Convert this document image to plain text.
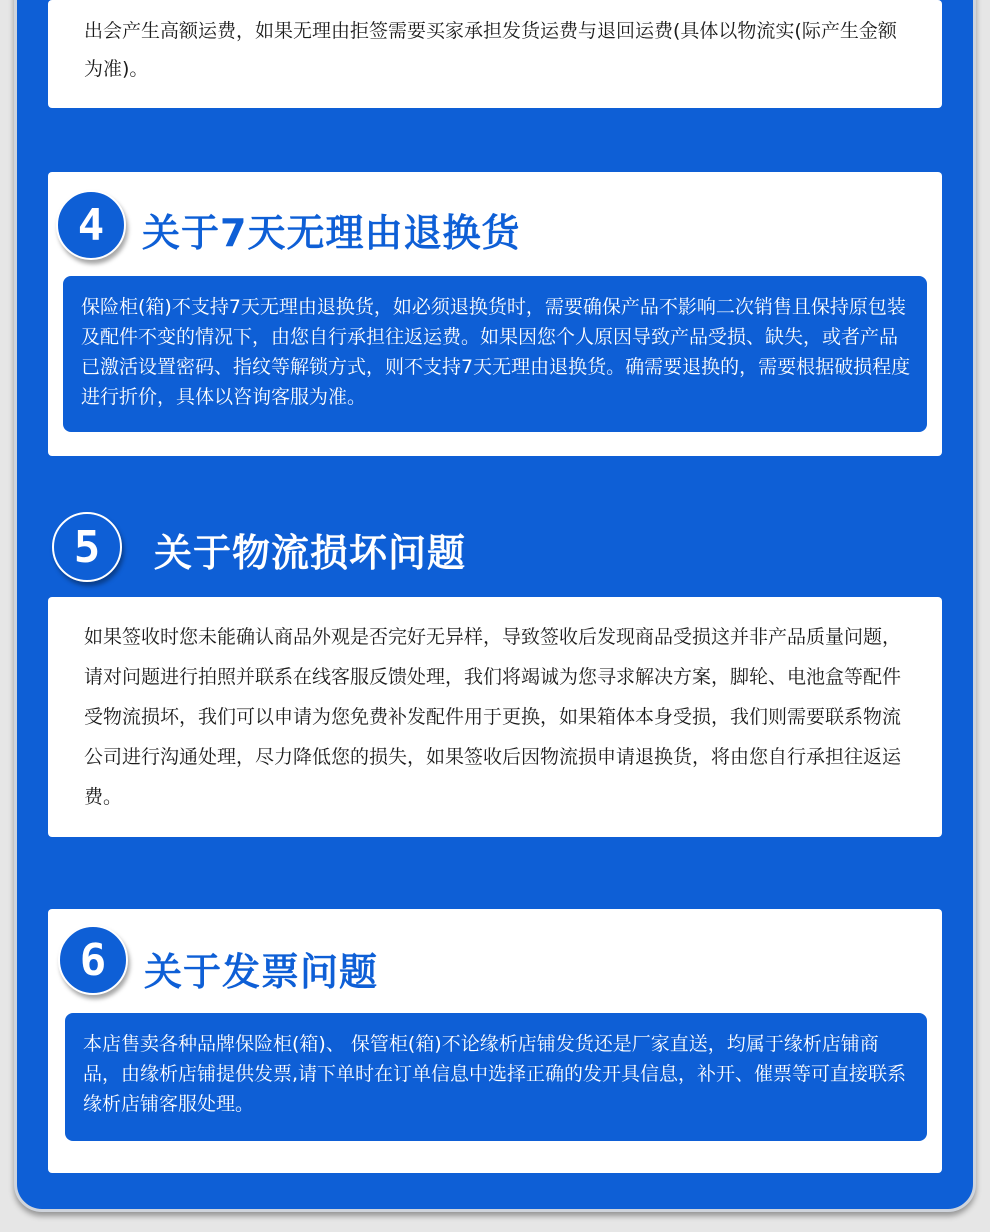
出会产生高额运费，如果无理由拒签需要买家承担发货运费与退回运费(具体以物流实(际产生金额为准)。

4 关于7天无理由退换货

保险柜(箱)不支持7天无理由退换货，如必须退换货时，需要确保产品不影响二次销售且保持原包装及配件不变的情况下，由您自行承担往返运费。如果因您个人原因导致产品受损、缺失，或者产品已激活设置密码、指纹等解锁方式，则不支持7天无理由退换货。确需要退换的，需要根据破损程度进行折价，具体以咨询客服为准。

5 关于物流损坏问题

如果签收时您未能确认商品外观是否完好无异样，导致签收后发现商品受损这并非产品质量问题，请对问题进行拍照并联系在线客服反馈处理，我们将竭诚为您寻求解决方案，脚轮、电池盒等配件受物流损坏，我们可以申请为您免费补发配件用于更换，如果箱体本身受损，我们则需要联系物流公司进行沟通处理，尽力降低您的损失，如果签收后因物流损申请退换货，将由您自行承担往返运费。

6 关于发票问题

本店售卖各种品牌保险柜(箱)、 保管柜(箱)不论缘析店铺发货还是厂家直送，均属于缘析店铺商品，由缘析店铺提供发票,请下单时在订单信息中选择正确的发开具信息，补开、催票等可直接联系缘析店铺客服处理。
